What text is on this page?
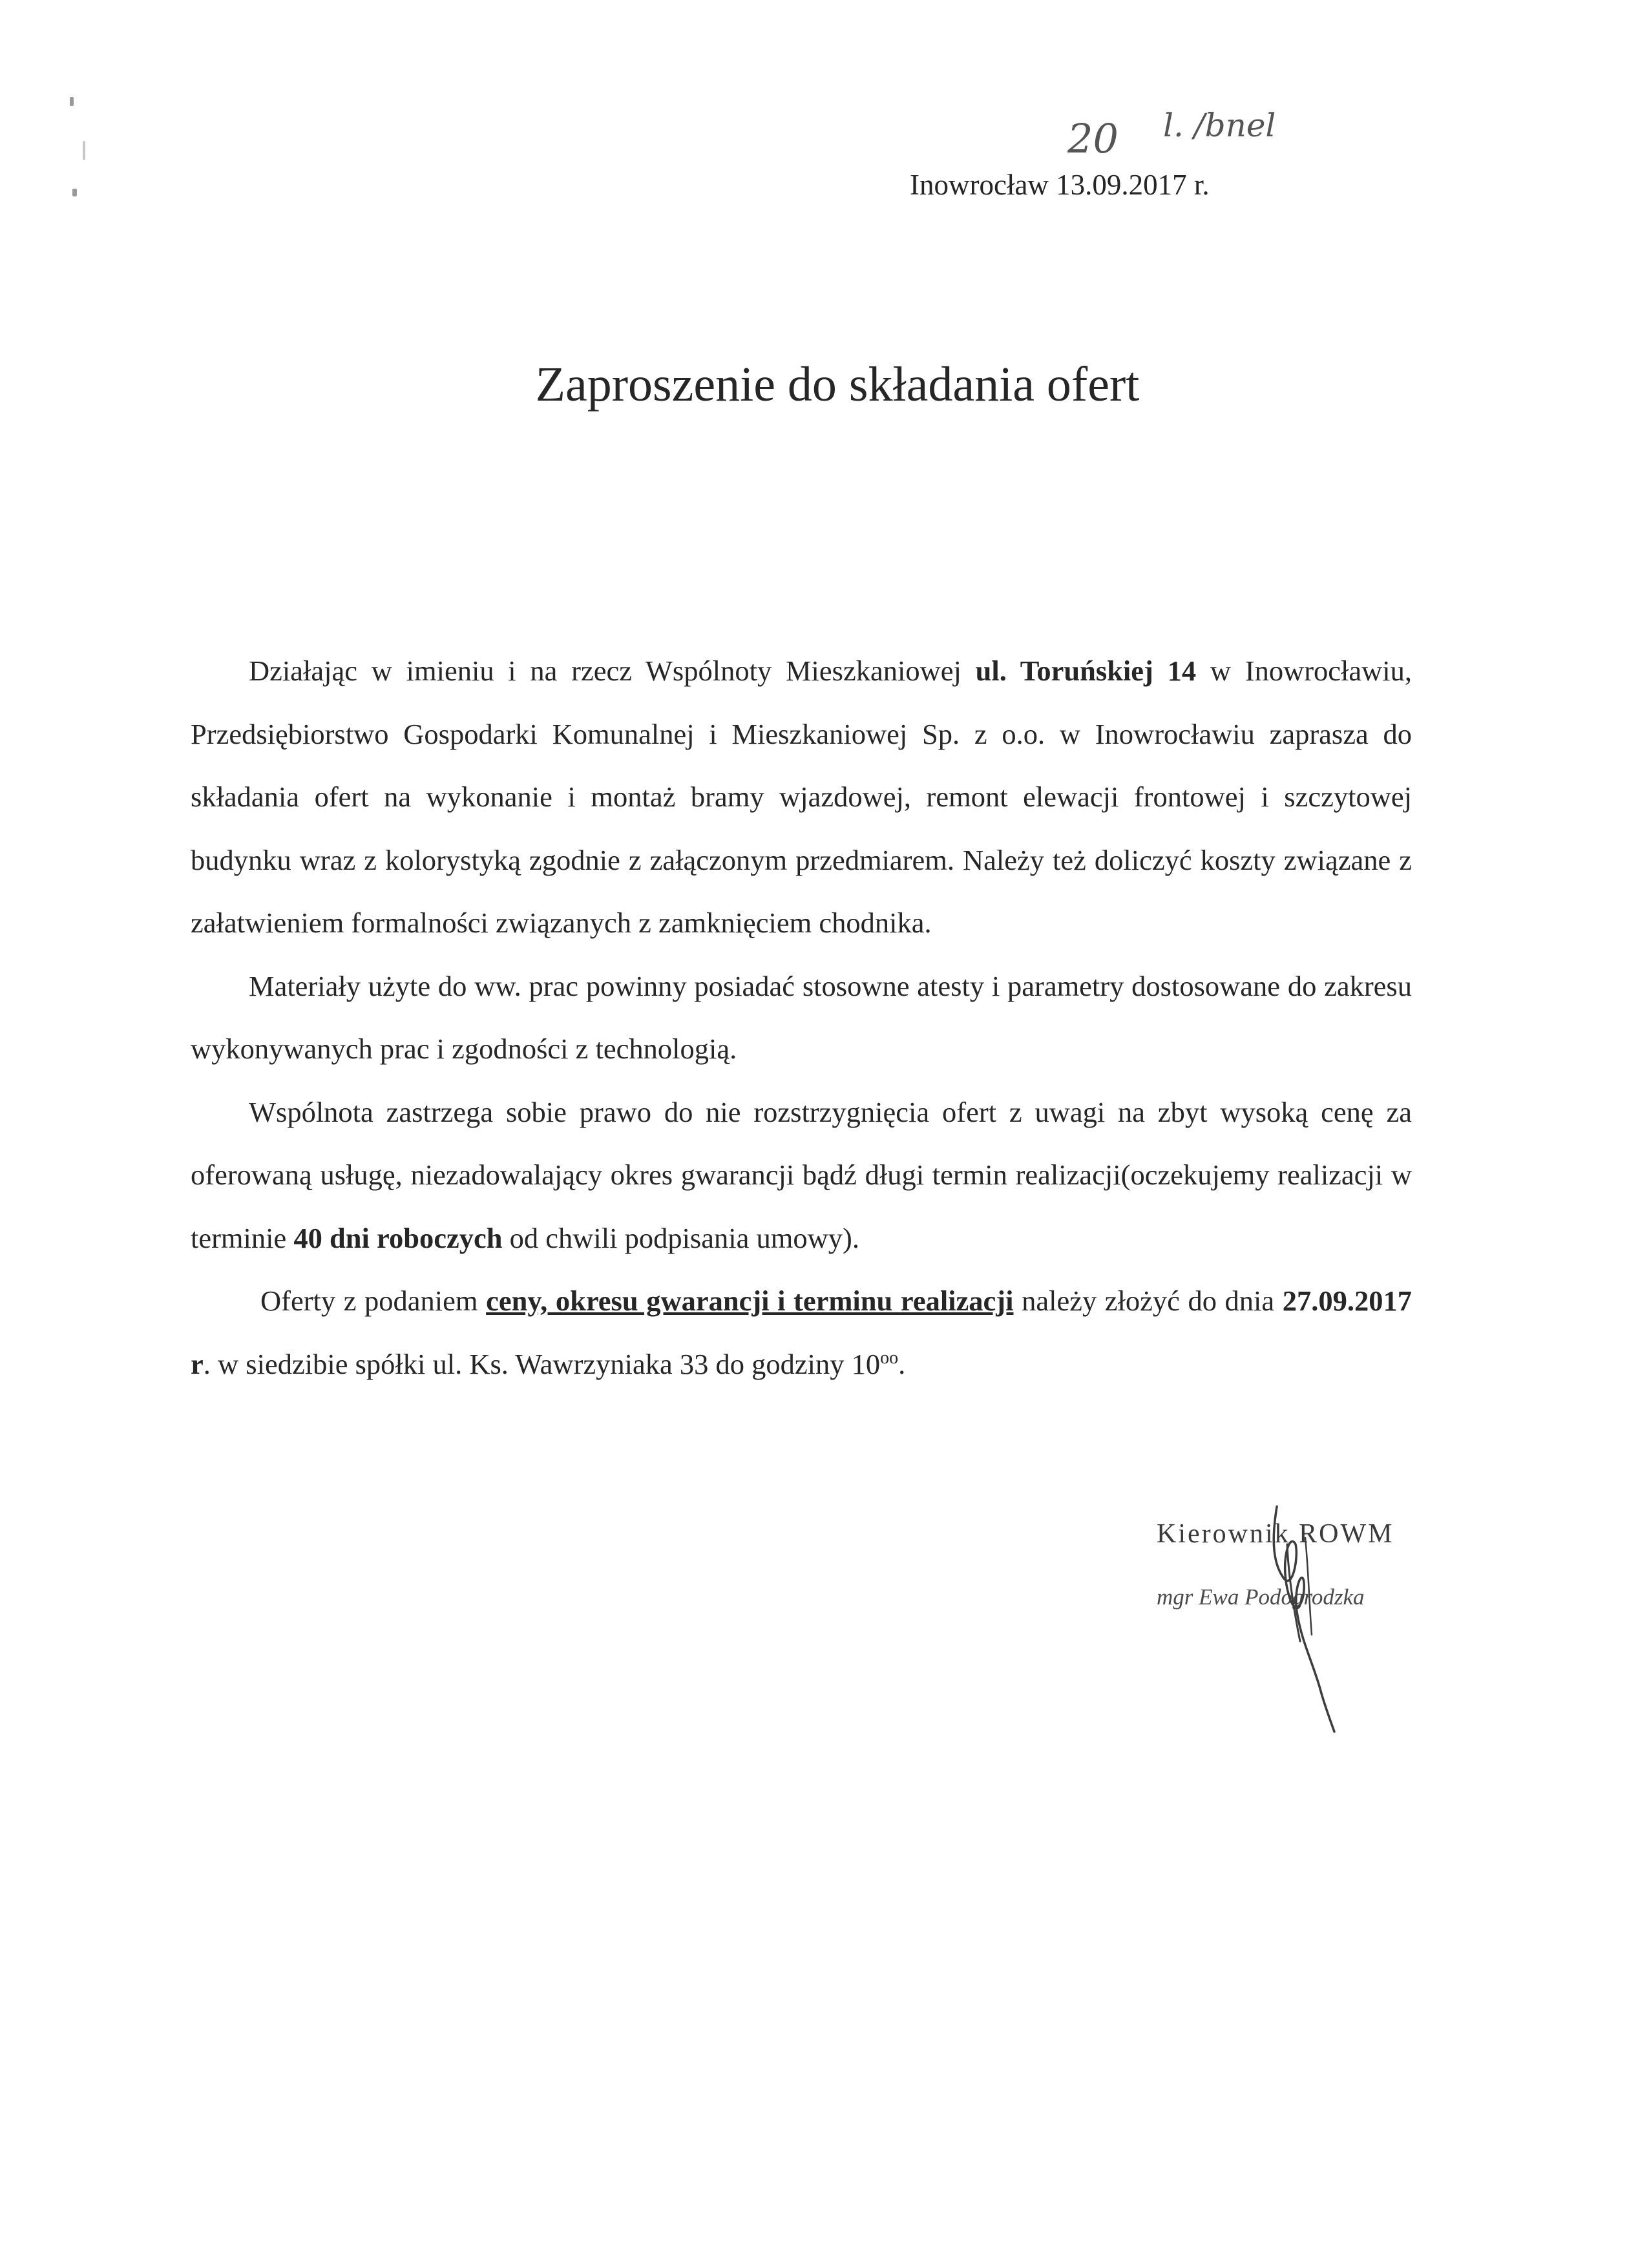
20 l. /bnel
Inowrocław 13.09.2017 r.
Zaproszenie do składania ofert

Działając w imieniu i na rzecz Wspólnoty Mieszkaniowej ul. Toruńskiej 14 w Inowrocławiu, Przedsiębiorstwo Gospodarki Komunalnej i Mieszkaniowej Sp. z o.o. w Inowrocławiu zaprasza do składania ofert na wykonanie i montaż bramy wjazdowej, remont elewacji frontowej i szczytowej budynku wraz z kolorystyką zgodnie z załączonym przedmiarem. Należy też doliczyć koszty związane z załatwieniem formalności związanych z zamknięciem chodnika.

Materiały użyte do ww. prac powinny posiadać stosowne atesty i parametry dostosowane do zakresu wykonywanych prac i zgodności z technologią.

Wspólnota zastrzega sobie prawo do nie rozstrzygnięcia ofert z uwagi na zbyt wysoką cenę za oferowaną usługę, niezadowalający okres gwarancji bądź długi termin realizacji(oczekujemy realizacji w terminie 40 dni roboczych od chwili podpisania umowy).

Oferty z podaniem ceny, okresu gwarancji i terminu realizacji należy złożyć do dnia 27.09.2017 r. w siedzibie spółki ul. Ks. Wawrzyniaka 33 do godziny $10^{oo}$.

Kierownik ROWM
mgr Ewa Podogrodzka
